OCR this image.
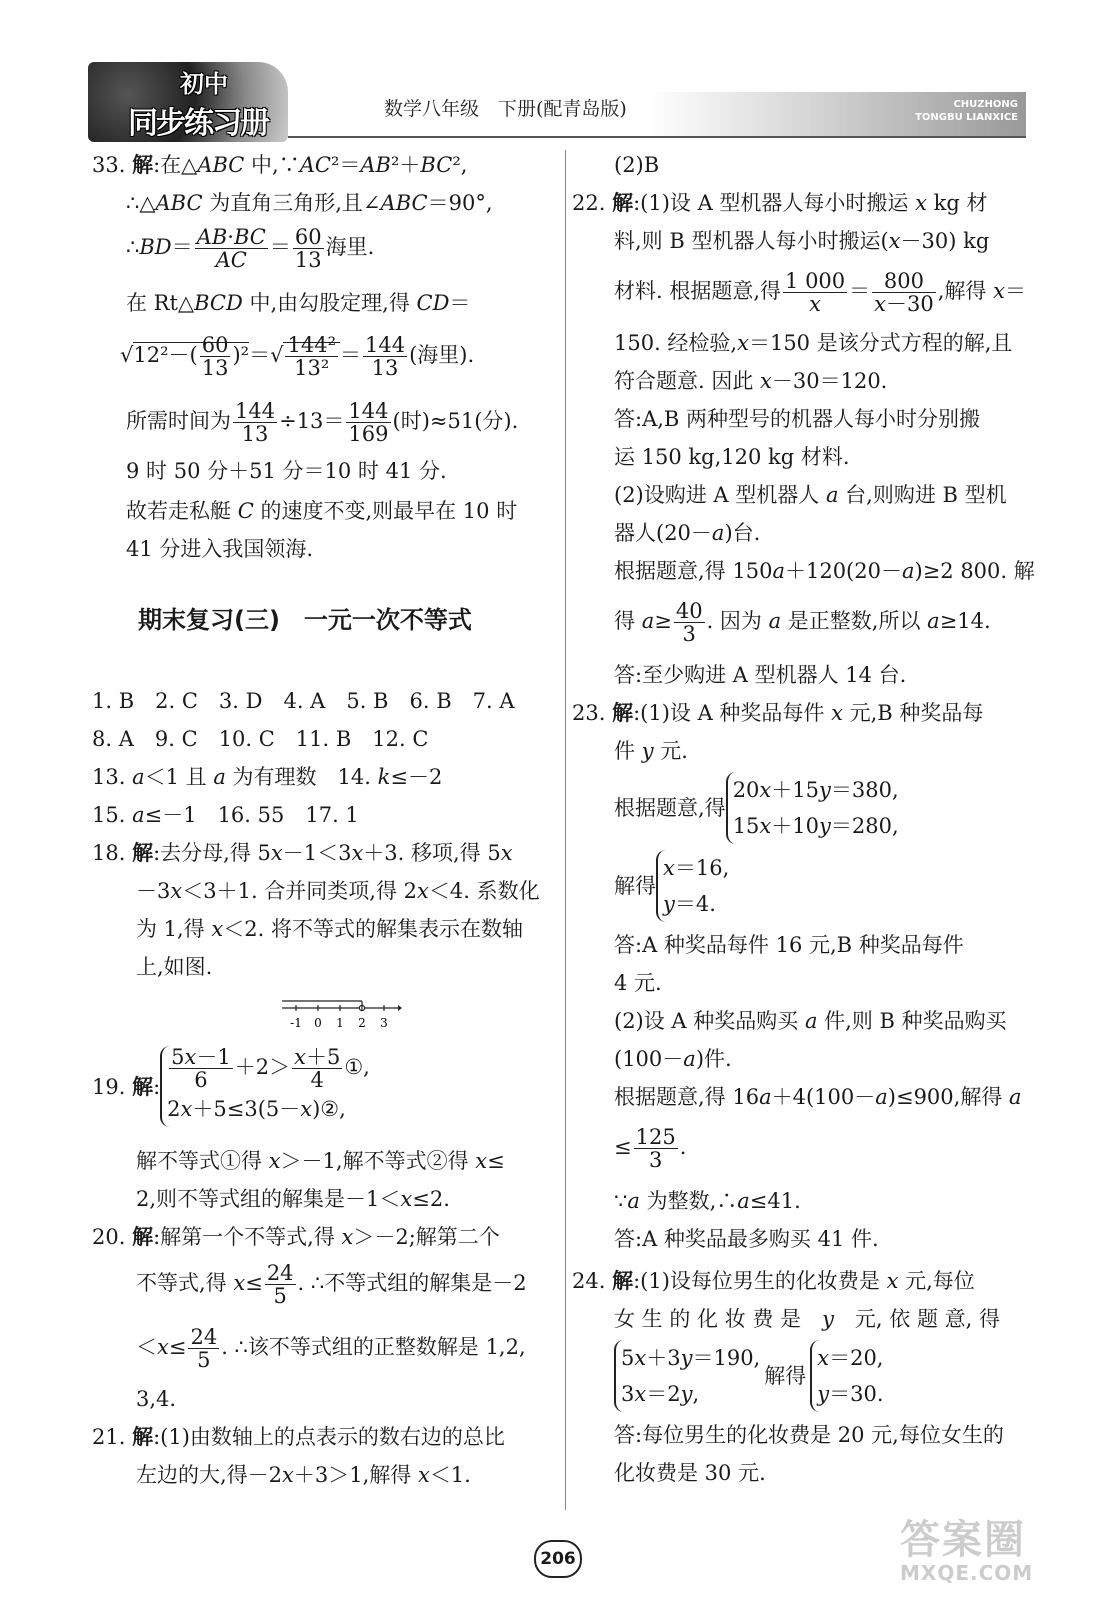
初中
同步练习册	数学八年级　下册(配青岛版)	CHUZHONG
TONGBU LIANXICE
33. 解:在△ABC 中,∵AC²＝AB²＋BC²,
∴△ABC 为直角三角形,且∠ABC＝90°,
∴BD＝ $\frac{AB\cdot BC}{AC} = \frac{60}{13}$ 海里.
在 Rt△BCD 中,由勾股定理,得 CD＝
$√12^2-( \frac{60}{13} )^2=√ \frac{\text{144²}}{\text{13²}} = \frac{144}{13}$ (海里).
所需时间为 $\frac{144}{13} \div 13= \frac{144}{169}$ (时)≈51(分).
9 时 50 分＋51 分＝10 时 41 分.
故若走私艇 C 的速度不变,则最早在 10 时
41 分进入我国领海.
期末复习(三)　一元一次不等式
1. B　2. C　3. D　4. A　5. B　6. B　7. A
8. A　9. C　10. C　11. B　12. C
13. a＜1 且 a 为有理数　14. k≤－2
15. a≤－1　16. 55　17. 1
18. 解:去分母,得 5x－1＜3x＋3. 移项,得 5x
－3x＜3＋1. 合并同类项,得 2x＜4. 系数化
为 1,得 x＜2. 将不等式的解集表示在数轴
上,如图.
-1 0 1 2 3
19. 解: $\frac{5x-1}{6} +2> \frac{x+5}{4}$ ①,
2x＋5≤3(5－x)②,
解不等式①得 x＞－1,解不等式②得 x≤
2,则不等式组的解集是－1＜x≤2.
20. 解:解第一个不等式,得 x＞－2;解第二个
不等式,得 $x\le \frac{24}{5}$ . ∴不等式组的解集是－2
$<x\le \frac{24}{5}$ . ∴该不等式组的正整数解是 1,2,
3,4.
21. 解:(1)由数轴上的点表示的数右边的总比
左边的大,得－2x＋3＞1,解得 x＜1.
(2)B
22. 解:(1)设 A 型机器人每小时搬运 x kg 材
料,则 B 型机器人每小时搬运(x－30) kg
材料. 根据题意,得 $\frac{1 000}{x} = \frac{800}{x-30}$ ,解得 x＝
150. 经检验,x＝150 是该分式方程的解,且
符合题意. 因此 x－30＝120.
答:A,B 两种型号的机器人每小时分别搬
运 150 kg,120 kg 材料.
(2)设购进 A 型机器人 a 台,则购进 B 型机
器人(20－a)台.
根据题意,得 150a＋120(20－a)≥2 800. 解
得 $a\ge \frac{40}{3}$ . 因为 a 是正整数,所以 a≥14.
答:至少购进 A 型机器人 14 台.
23. 解:(1)设 A 种奖品每件 x 元,B 种奖品每
件 y 元.
根据题意,得
20x＋15y＝380,
15x＋10y＝280,
解得
x＝16,
y＝4.
答:A 种奖品每件 16 元,B 种奖品每件
4 元.
(2)设 A 种奖品购买 a 件,则 B 种奖品购买
(100－a)件.
根据题意,得 16a＋4(100－a)≤900,解得 a
≤ $\frac{125}{3}$ .
∵a 为整数,∴a≤41.
答:A 种奖品最多购买 41 件.
24. 解:(1)设每位男生的化妆费是 x 元,每位
女 生 的 化 妆 费 是　y　元, 依 题 意, 得
5x＋3y＝190,
3x＝2y,
解得
x＝20,
y＝30.
答:每位男生的化妆费是 20 元,每位女生的
化妆费是 30 元.
206	答案圈
MXQE.COM
